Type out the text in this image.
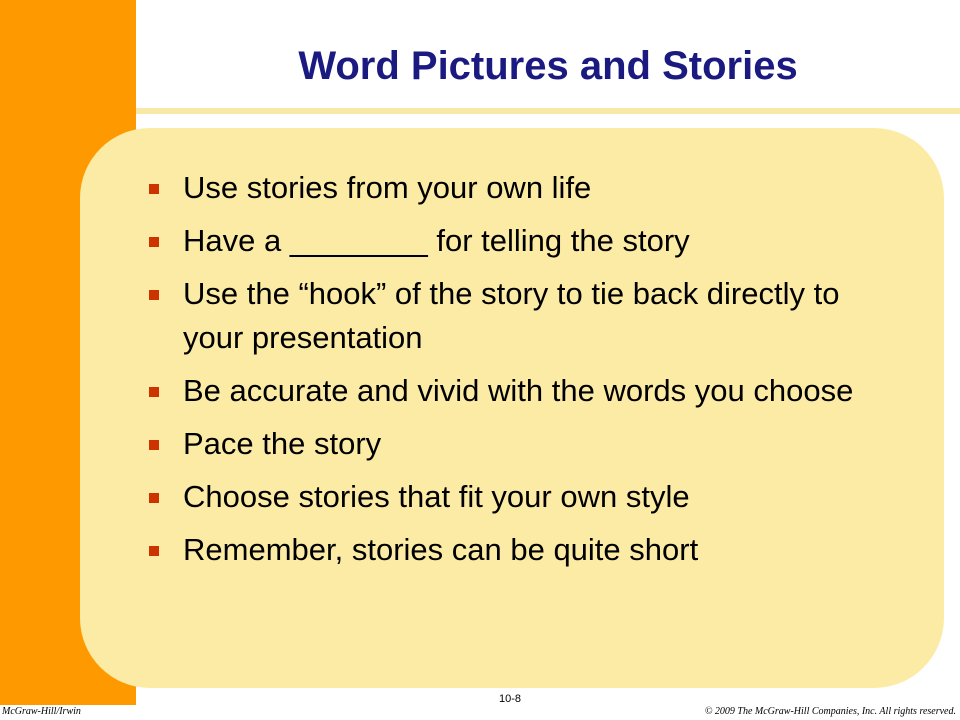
Word Pictures and Stories
Use stories from your own life
Have a ________ for telling the story
Use the “hook” of the story to tie back directly to your presentation
Be accurate and vivid with the words you choose
Pace the story
Choose stories that fit your own style
Remember, stories can be quite short
10-8
McGraw-Hill/Irwin	© 2009 The McGraw-Hill Companies, Inc. All rights reserved.
